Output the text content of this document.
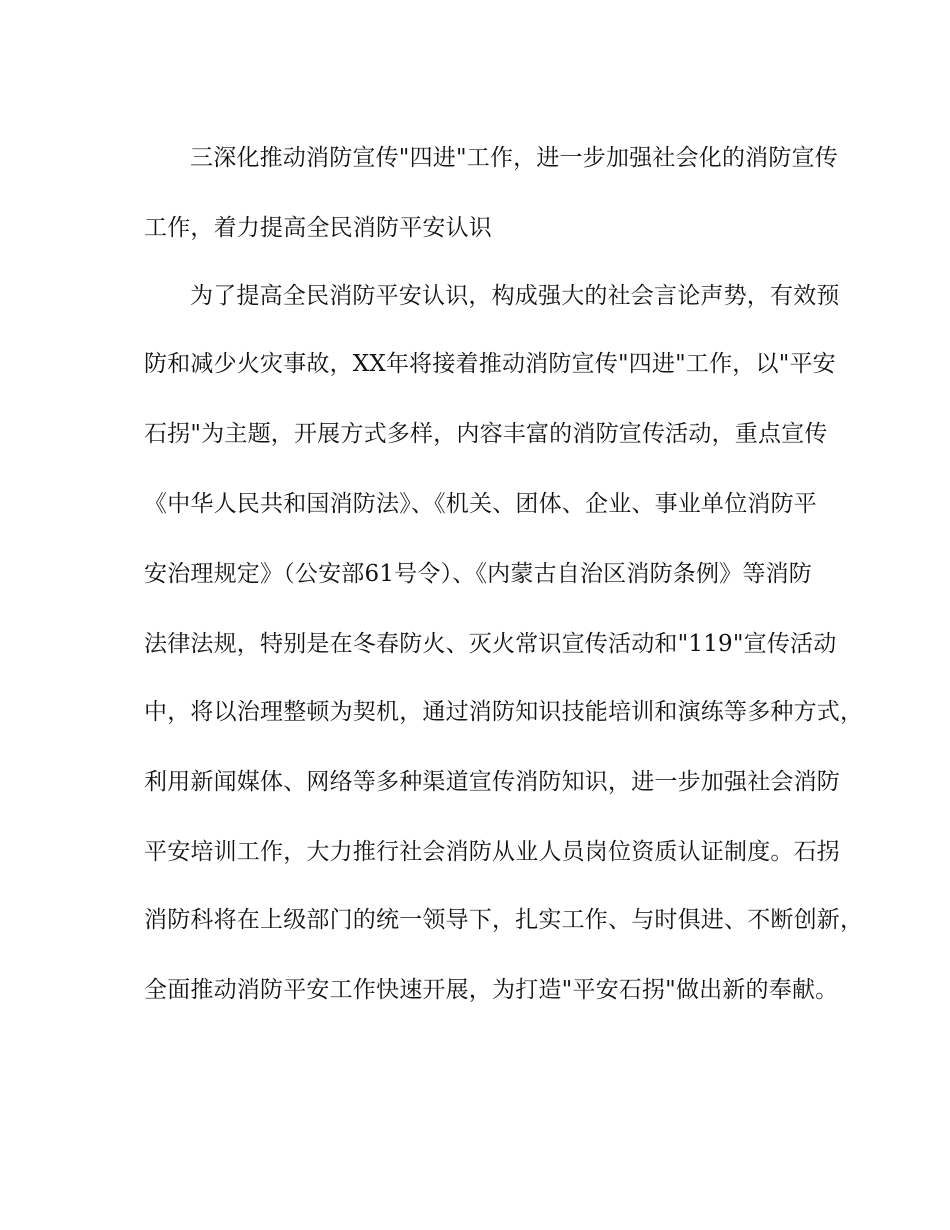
三深化推动消防宣传"四进"工作，进一步加强社会化的消防宣传

工作，着力提高全民消防平安认识

为了提高全民消防平安认识，构成强大的社会言论声势，有效预

防和减少火灾事故，XX年将接着推动消防宣传"四进"工作，以"平安

石拐"为主题，开展方式多样，内容丰富的消防宣传活动，重点宣传

《中华人民共和国消防法》、《机关、团体、企业、事业单位消防平

安治理规定》（公安部61号令）、《内蒙古自治区消防条例》等消防

法律法规，特别是在冬春防火、灭火常识宣传活动和"119"宣传活动

中，将以治理整顿为契机，通过消防知识技能培训和演练等多种方式，

利用新闻媒体、网络等多种渠道宣传消防知识，进一步加强社会消防

平安培训工作，大力推行社会消防从业人员岗位资质认证制度。石拐

消防科将在上级部门的统一领导下，扎实工作、与时俱进、不断创新，

全面推动消防平安工作快速开展，为打造"平安石拐"做出新的奉献。
